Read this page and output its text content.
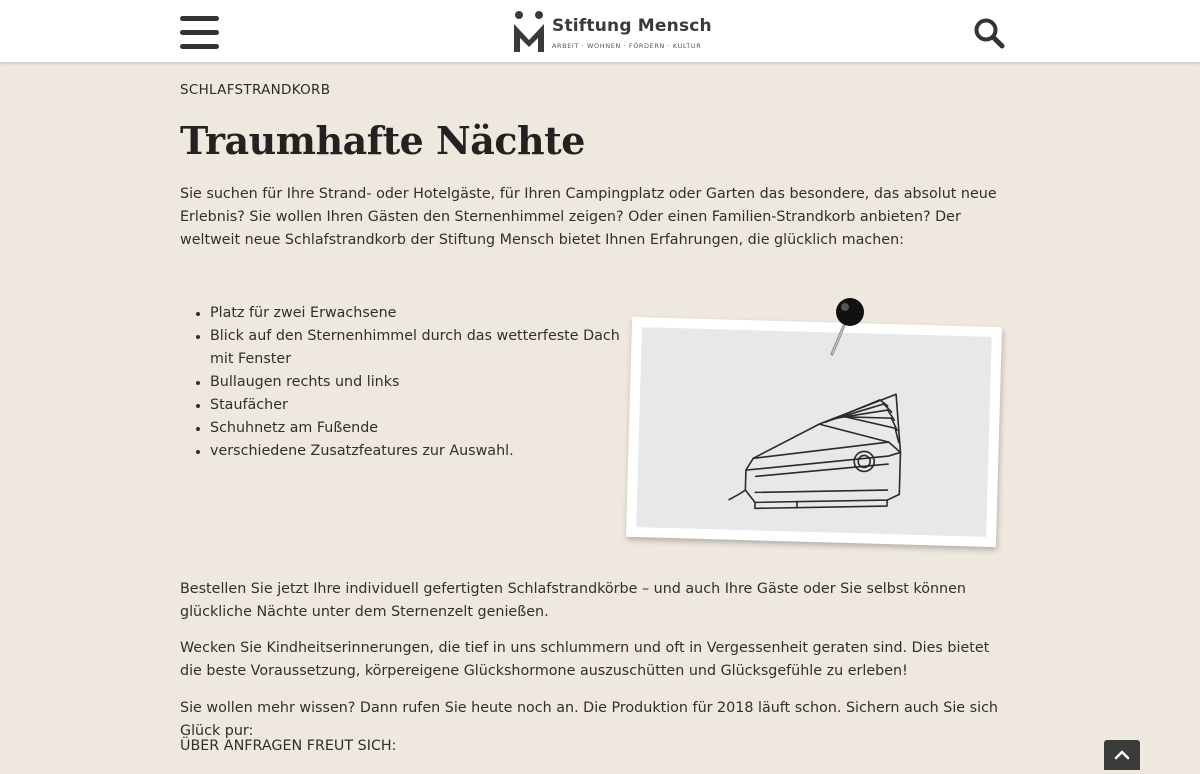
Stiftung Mensch
ARBEIT · WOHNEN · FÖRDERN · KULTUR
SCHLAFSTRANDKORB
Traumhafte Nächte

Sie suchen für Ihre Strand- oder Hotelgäste, für Ihren Campingplatz oder Garten das besondere, das absolut neue Erlebnis? Sie wollen Ihren Gästen den Sternenhimmel zeigen? Oder einen Familien-Strandkorb anbieten? Der weltweit neue Schlafstrandkorb der Stiftung Mensch bietet Ihnen Erfahrungen, die glücklich machen:

• Platz für zwei Erwachsene
• Blick auf den Sternenhimmel durch das wetterfeste Dach mit Fenster
• Bullaugen rechts und links
• Staufächer
• Schuhnetz am Fußende
• verschiedene Zusatzfeatures zur Auswahl.

Bestellen Sie jetzt Ihre individuell gefertigten Schlafstrandkörbe – und auch Ihre Gäste oder Sie selbst können glückliche Nächte unter dem Sternenzelt genießen.

Wecken Sie Kindheitserinnerungen, die tief in uns schlummern und oft in Vergessenheit geraten sind. Dies bietet die beste Voraussetzung, körpereigene Glückshormone auszuschütten und Glücksgefühle zu erleben!

Sie wollen mehr wissen? Dann rufen Sie heute noch an. Die Produktion für 2018 läuft schon. Sichern auch Sie sich Glück pur:

ÜBER ANFRAGEN FREUT SICH:
